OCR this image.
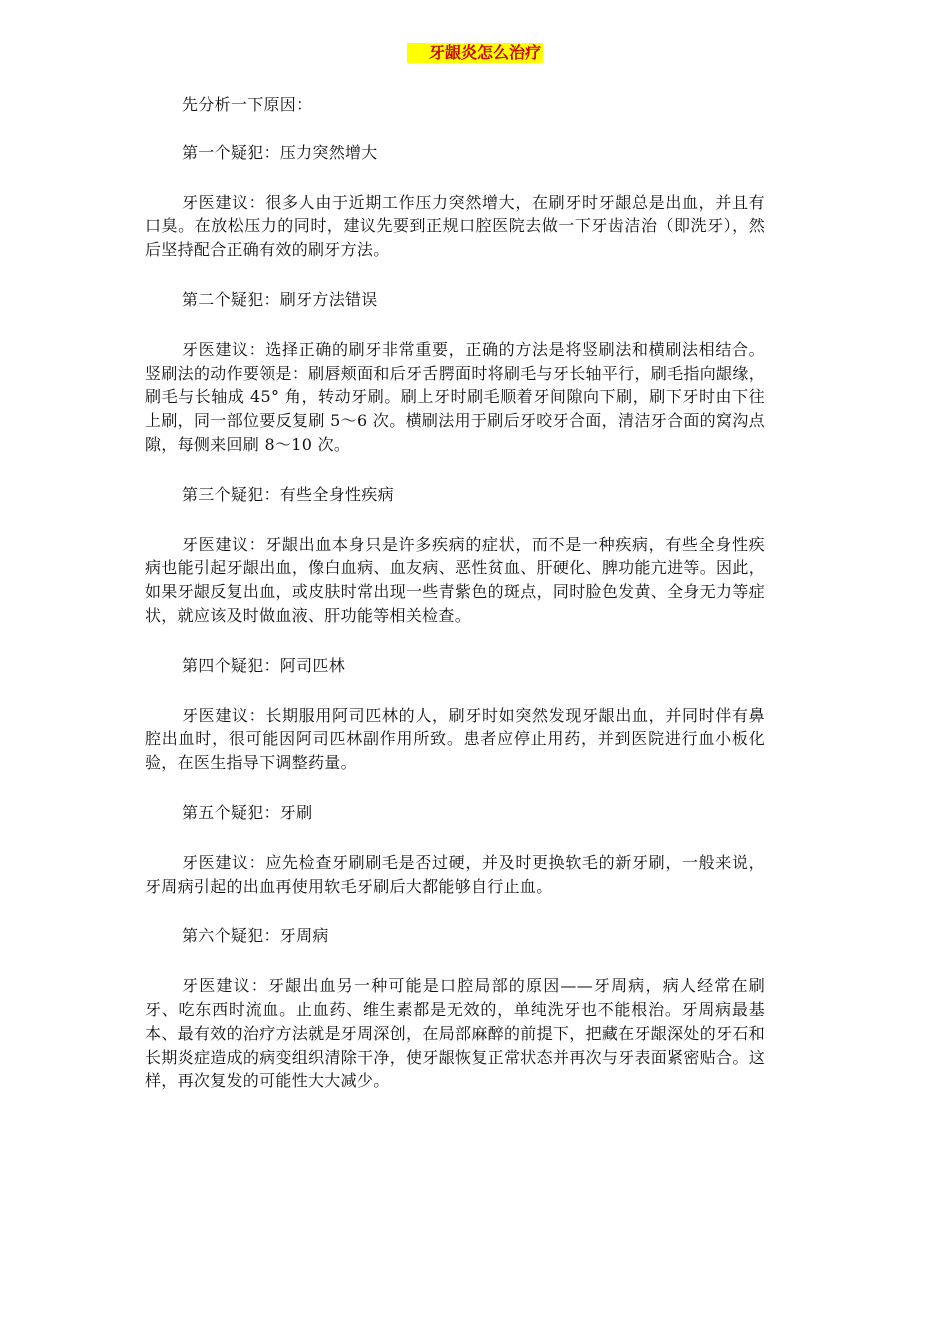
牙龈炎怎么治疗

先分析一下原因：

第一个疑犯：压力突然增大

牙医建议：很多人由于近期工作压力突然增大，在刷牙时牙龈总是出血，并且有口臭。在放松压力的同时，建议先要到正规口腔医院去做一下牙齿洁治（即洗牙），然后坚持配合正确有效的刷牙方法。

第二个疑犯：刷牙方法错误

牙医建议：选择正确的刷牙非常重要，正确的方法是将竖刷法和横刷法相结合。竖刷法的动作要领是：刷唇颊面和后牙舌腭面时将刷毛与牙长轴平行，刷毛指向龈缘，刷毛与长轴成 45° 角，转动牙刷。刷上牙时刷毛顺着牙间隙向下刷，刷下牙时由下往上刷，同一部位要反复刷 5～6 次。横刷法用于刷后牙咬牙合面，清洁牙合面的窝沟点隙，每侧来回刷 8～10 次。

第三个疑犯：有些全身性疾病

牙医建议：牙龈出血本身只是许多疾病的症状，而不是一种疾病，有些全身性疾病也能引起牙龈出血，像白血病、血友病、恶性贫血、肝硬化、脾功能亢进等。因此，如果牙龈反复出血，或皮肤时常出现一些青紫色的斑点，同时脸色发黄、全身无力等症状，就应该及时做血液、肝功能等相关检查。

第四个疑犯：阿司匹林

牙医建议：长期服用阿司匹林的人，刷牙时如突然发现牙龈出血，并同时伴有鼻腔出血时，很可能因阿司匹林副作用所致。患者应停止用药，并到医院进行血小板化验，在医生指导下调整药量。

第五个疑犯：牙刷

牙医建议：应先检查牙刷刷毛是否过硬，并及时更换软毛的新牙刷，一般来说，牙周病引起的出血再使用软毛牙刷后大都能够自行止血。

第六个疑犯：牙周病

牙医建议：牙龈出血另一种可能是口腔局部的原因——牙周病，病人经常在刷牙、吃东西时流血。止血药、维生素都是无效的，单纯洗牙也不能根治。牙周病最基本、最有效的治疗方法就是牙周深创，在局部麻醉的前提下，把藏在牙龈深处的牙石和长期炎症造成的病变组织清除干净，使牙龈恢复正常状态并再次与牙表面紧密贴合。这样，再次复发的可能性大大减少。
